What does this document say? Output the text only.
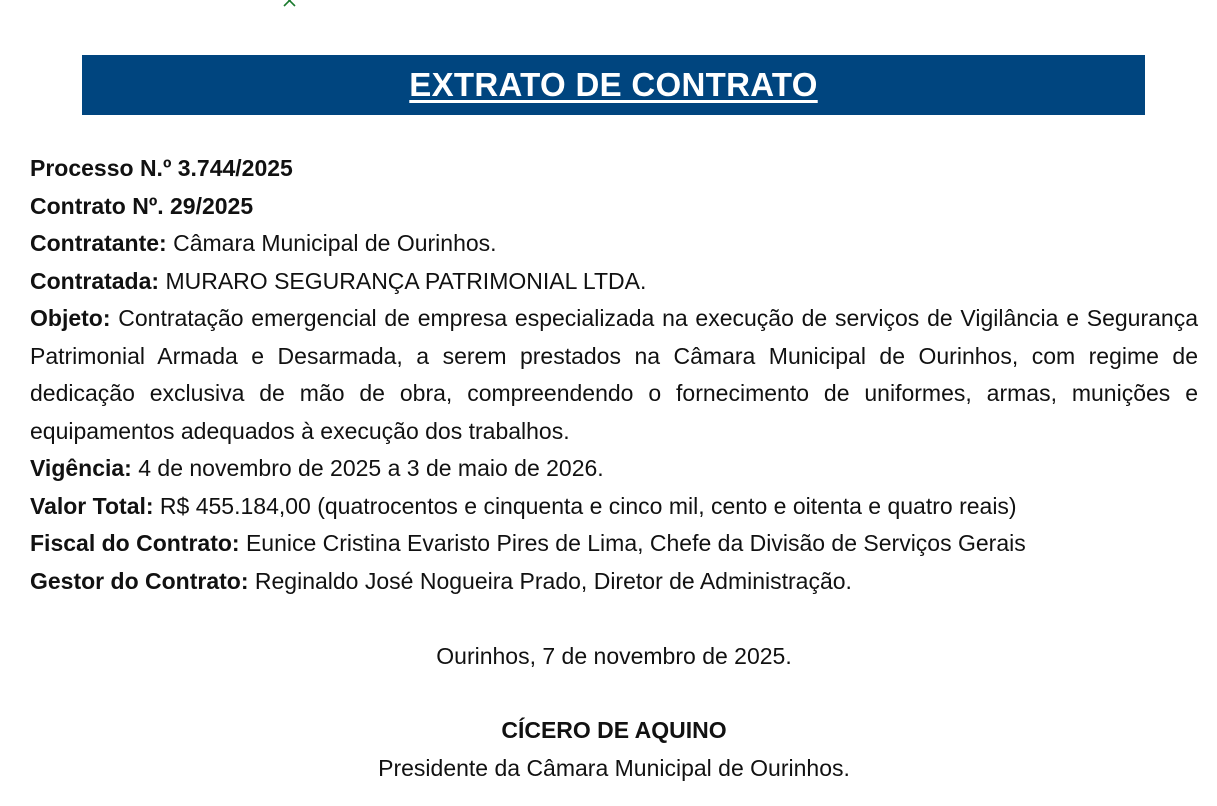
EXTRATO DE CONTRATO

Processo N.º 3.744/2025

Contrato Nº. 29/2025

Contratante: Câmara Municipal de Ourinhos.

Contratada: MURARO SEGURANÇA PATRIMONIAL LTDA.

Objeto: Contratação emergencial de empresa especializada na execução de serviços de Vigilância e Segurança Patrimonial Armada e Desarmada, a serem prestados na Câmara Municipal de Ourinhos, com regime de dedicação exclusiva de mão de obra, compreendendo o fornecimento de uniformes, armas, munições e equipamentos adequados à execução dos trabalhos.

Vigência: 4 de novembro de 2025 a 3 de maio de 2026.

Valor Total: R$ 455.184,00 (quatrocentos e cinquenta e cinco mil, cento e oitenta e quatro reais)

Fiscal do Contrato: Eunice Cristina Evaristo Pires de Lima, Chefe da Divisão de Serviços Gerais

Gestor do Contrato: Reginaldo José Nogueira Prado, Diretor de Administração.

Ourinhos, 7 de novembro de 2025.
CÍCERO DE AQUINO
Presidente da Câmara Municipal de Ourinhos.
